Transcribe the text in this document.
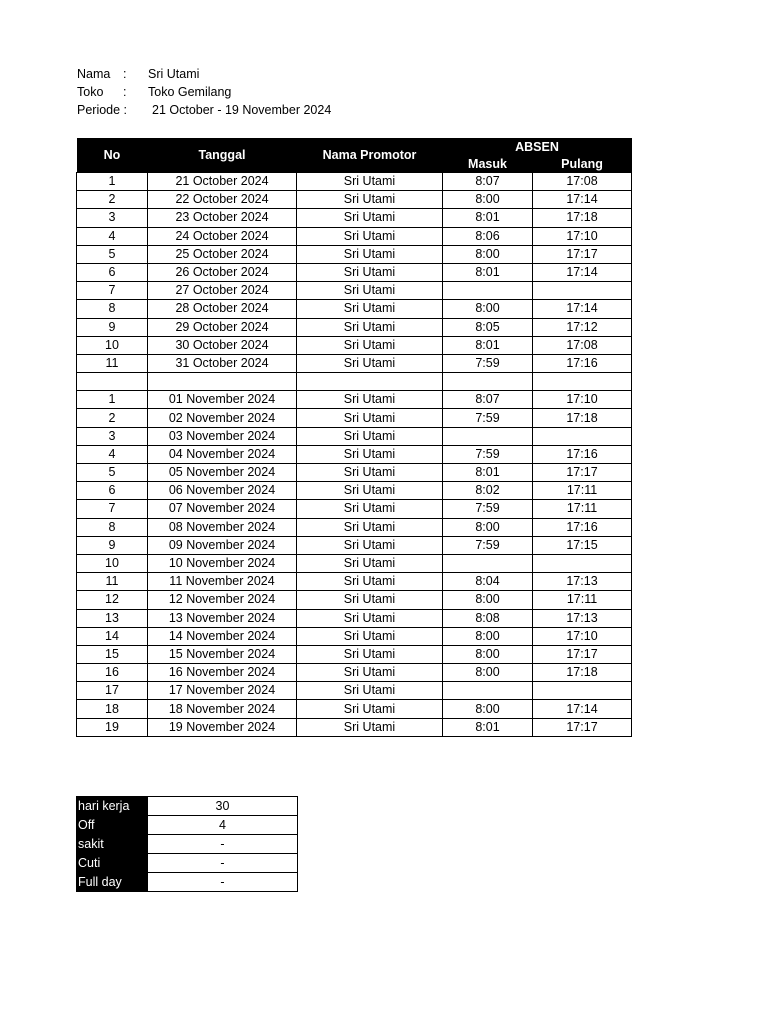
Nama : Sri Utami
Toko : Toko Gemilang
Periode : 21 October - 19 November 2024
No	Tanggal	Nama Promotor	ABSEN	
			Masuk	Pulang
1	21 October 2024	Sri Utami	8:07	17:08
2	22 October 2024	Sri Utami	8:00	17:14
3	23 October 2024	Sri Utami	8:01	17:18
4	24 October 2024	Sri Utami	8:06	17:10
5	25 October 2024	Sri Utami	8:00	17:17
6	26 October 2024	Sri Utami	8:01	17:14
7	27 October 2024	Sri Utami		
8	28 October 2024	Sri Utami	8:00	17:14
9	29 October 2024	Sri Utami	8:05	17:12
10	30 October 2024	Sri Utami	8:01	17:08
11	31 October 2024	Sri Utami	7:59	17:16

1	01 November 2024	Sri Utami	8:07	17:10
2	02 November 2024	Sri Utami	7:59	17:18
3	03 November 2024	Sri Utami		
4	04 November 2024	Sri Utami	7:59	17:16
5	05 November 2024	Sri Utami	8:01	17:17
6	06 November 2024	Sri Utami	8:02	17:11
7	07 November 2024	Sri Utami	7:59	17:11
8	08 November 2024	Sri Utami	8:00	17:16
9	09 November 2024	Sri Utami	7:59	17:15
10	10 November 2024	Sri Utami		
11	11 November 2024	Sri Utami	8:04	17:13
12	12 November 2024	Sri Utami	8:00	17:11
13	13 November 2024	Sri Utami	8:08	17:13
14	14 November 2024	Sri Utami	8:00	17:10
15	15 November 2024	Sri Utami	8:00	17:17
16	16 November 2024	Sri Utami	8:00	17:18
17	17 November 2024	Sri Utami		
18	18 November 2024	Sri Utami	8:00	17:14
19	19 November 2024	Sri Utami	8:01	17:17
hari kerja	30
Off	4
sakit	-
Cuti	-
Full day	-
